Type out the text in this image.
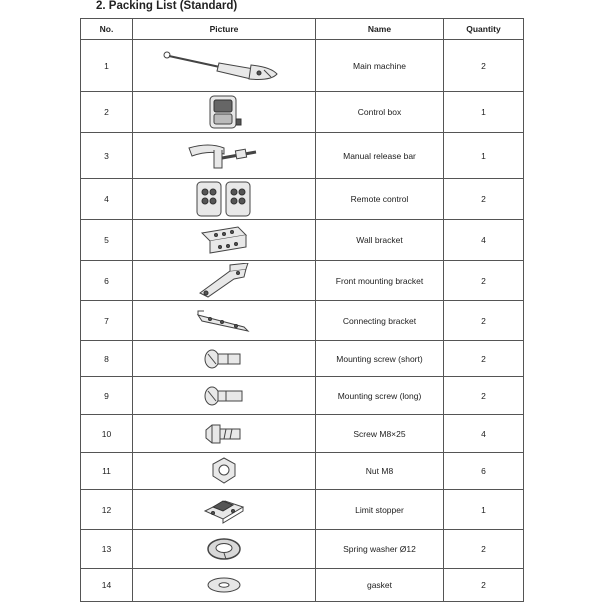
2. Packing List (Standard)
No.	Picture	Name	Quantity
1		Main machine	2
2		Control box	1
3		Manual release bar	1
4		Remote control	2
5		Wall bracket	4
6		Front mounting bracket	2
7		Connecting bracket	2
8		Mounting screw (short)	2
9		Mounting screw (long)	2
10		Screw M8×25	4
11		Nut M8	6
12		Limit stopper	1
13		Spring washer Ø12	2
14		gasket	2
